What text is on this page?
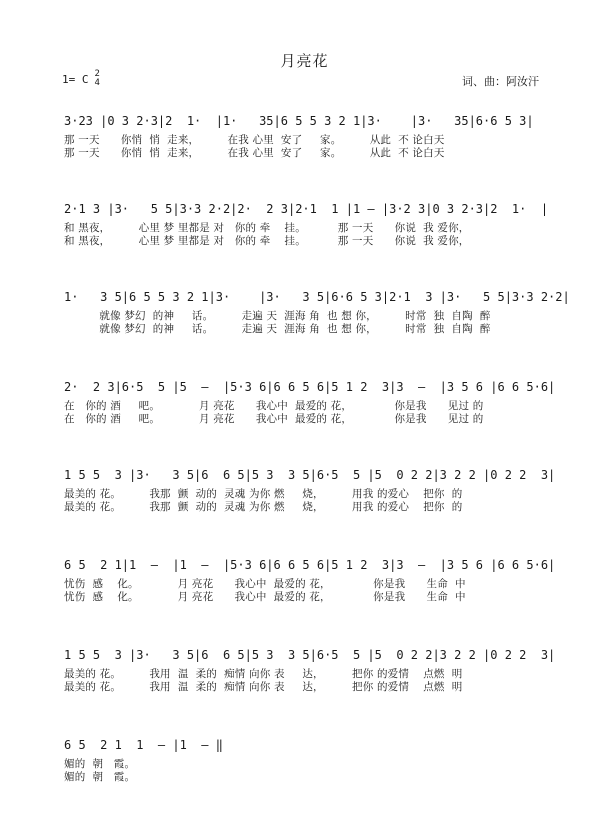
月亮花
1= C 2
4	词、曲：阿汝汗
3·23 |0 3 2·3|2  1·  |1·   35|6 5 5 3 2 1|3·    |3·   35|6·6 5 3|
那 一天      你悄  悄  走来，        在我 心里  安了     家。        从此  不 论白天
那 一天      你悄  悄  走来，        在我 心里  安了     家。        从此  不 论白天
2·1 3 |3·   5 5|3·3 2·2|2·  2 3|2·1  1 |1 – |3·2 3|0 3 2·3|2  1·  |
和 黑夜，        心里 梦 里都是 对   你的 牵    挂。         那 一天      你说  我 爱你，
和 黑夜，        心里 梦 里都是 对   你的 牵    挂。         那 一天      你说  我 爱你，
1·   3 5|6 5 5 3 2 1|3·    |3·   3 5|6·6 5 3|2·1  3 |3·   5 5|3·3 2·2|
就像 梦幻  的神     话。        走遍 天  涯海 角  也 想 你，        时常  独  自陶  醉
就像 梦幻  的神     话。        走遍 天  涯海 角  也 想 你，        时常  独  自陶  醉
2·  2 3|6·5  5 |5  –  |5·3 6|6 6 5 6|5 1 2  3|3  –  |3 5 6 |6 6 5·6|
在   你的 酒     吧。           月 亮花      我心中  最爱的 花，            你是我      见过 的
在   你的 酒     吧。           月 亮花      我心中  最爱的 花，            你是我      见过 的
1 5 5  3 |3·   3 5|6  6 5|5 3  3 5|6·5  5 |5  0 2 2|3 2 2 |0 2 2  3|
最美的 花。        我那  颤  动的  灵魂 为你 燃     烧，        用我 的爱心    把你  的
最美的 花。        我那  颤  动的  灵魂 为你 燃     烧，        用我 的爱心    把你  的
6 5  2 1|1  –  |1  –  |5·3 6|6 6 5 6|5 1 2  3|3  –  |3 5 6 |6 6 5·6|
忧伤  感    化。           月 亮花      我心中  最爱的 花，            你是我      生命  中
忧伤  感    化。           月 亮花      我心中  最爱的 花，            你是我      生命  中
1 5 5  3 |3·   3 5|6  6 5|5 3  3 5|6·5  5 |5  0 2 2|3 2 2 |0 2 2  3|
最美的 花。        我用  温  柔的  痴情 向你 表     达，        把你 的爱情    点燃  明
最美的 花。        我用  温  柔的  痴情 向你 表     达，        把你 的爱情    点燃  明
6 5  2 1  1  – |1  – ‖
媚的  朝   霞。
媚的  朝   霞。
